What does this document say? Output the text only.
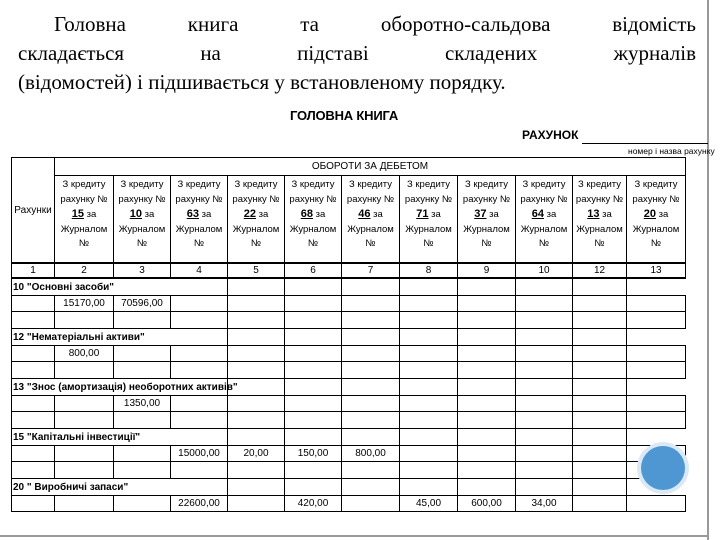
Головна книга та оборотно-сальдова відомість
складається на підставі складених журналів
(відомостей) і підшивається у встановленому порядку.
ГОЛОВНА КНИГА
РАХУНОК
номер і назва рахунку
Рахунки	ОБОРОТИ ЗА ДЕБЕТОМ										
	З кредиту рахунку № 15 за Журналом №	З кредиту рахунку № 10 за Журналом №	З кредиту рахунку № 63 за Журналом №	З кредиту рахунку № 22 за Журналом №	З кредиту рахунку № 68 за Журналом №	З кредиту рахунку № 46 за Журналом №	З кредиту рахунку № 71 за Журналом №	З кредиту рахунку № 37 за Журналом №	З кредиту рахунку № 64 за Журналом №	З кредиту рахунку № 13 за Журналом №	З кредиту рахунку № 20 за Журналом №
1	2	3	4	5	6	7	8	9	10	12	13
10 "Основні засоби"											
	15170,00	70596,00									

12 "Нематеріальні активи"											
	800,00										

13 "Знос (амортизація) необоротних активів"											
		1350,00									

15 "Капітальні інвестиції"											
			15000,00	20,00	150,00	800,00					

20 " Виробничі запаси"											
			22600,00		420,00		45,00	600,00	34,00		
